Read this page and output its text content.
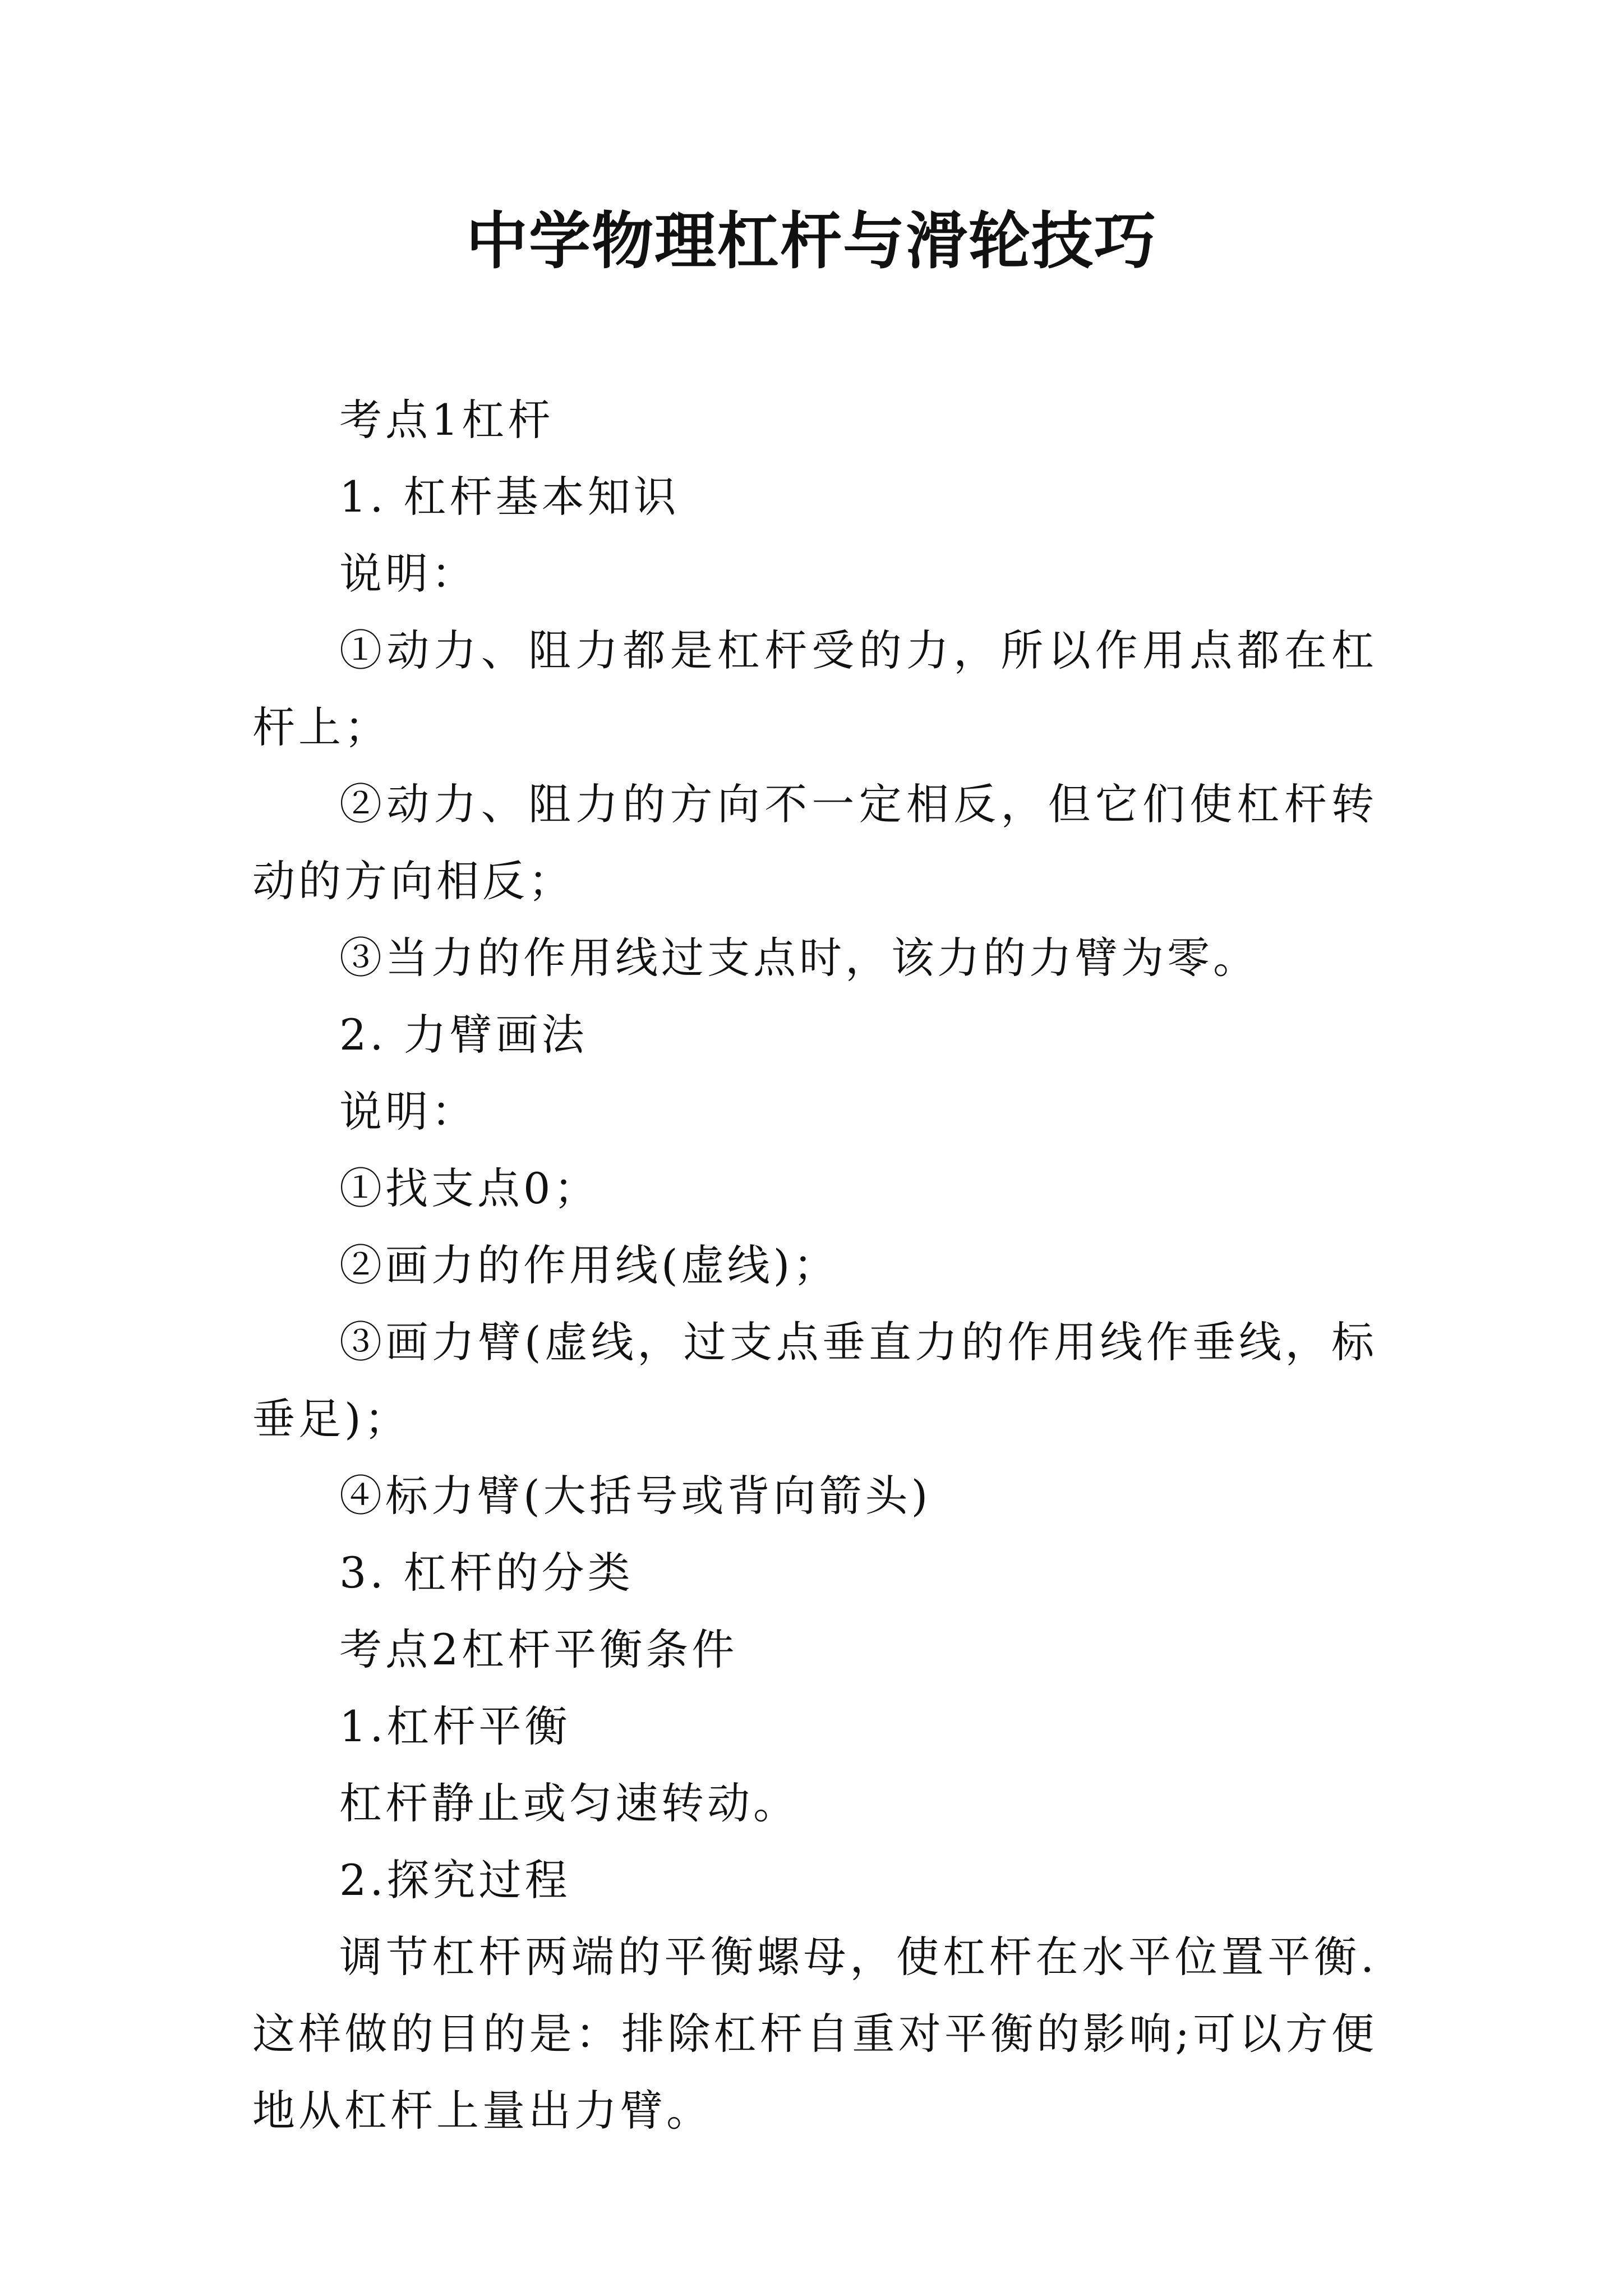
中学物理杠杆与滑轮技巧

考点1杠杆

1. 杠杆基本知识

说明：

①动力、阻力都是杠杆受的力，所以作用点都在杠杆上；

②动力、阻力的方向不一定相反，但它们使杠杆转动的方向相反；

③当力的作用线过支点时，该力的力臂为零。

2. 力臂画法

说明：

①找支点0；

②画力的作用线(虚线)；

③画力臂(虚线，过支点垂直力的作用线作垂线，标垂足)；

④标力臂(大括号或背向箭头)

3. 杠杆的分类

考点2杠杆平衡条件

1.杠杆平衡

杠杆静止或匀速转动。

2.探究过程

调节杠杆两端的平衡螺母，使杠杆在水平位置平衡.这样做的目的是：排除杠杆自重对平衡的影响;可以方便地从杠杆上量出力臂。
